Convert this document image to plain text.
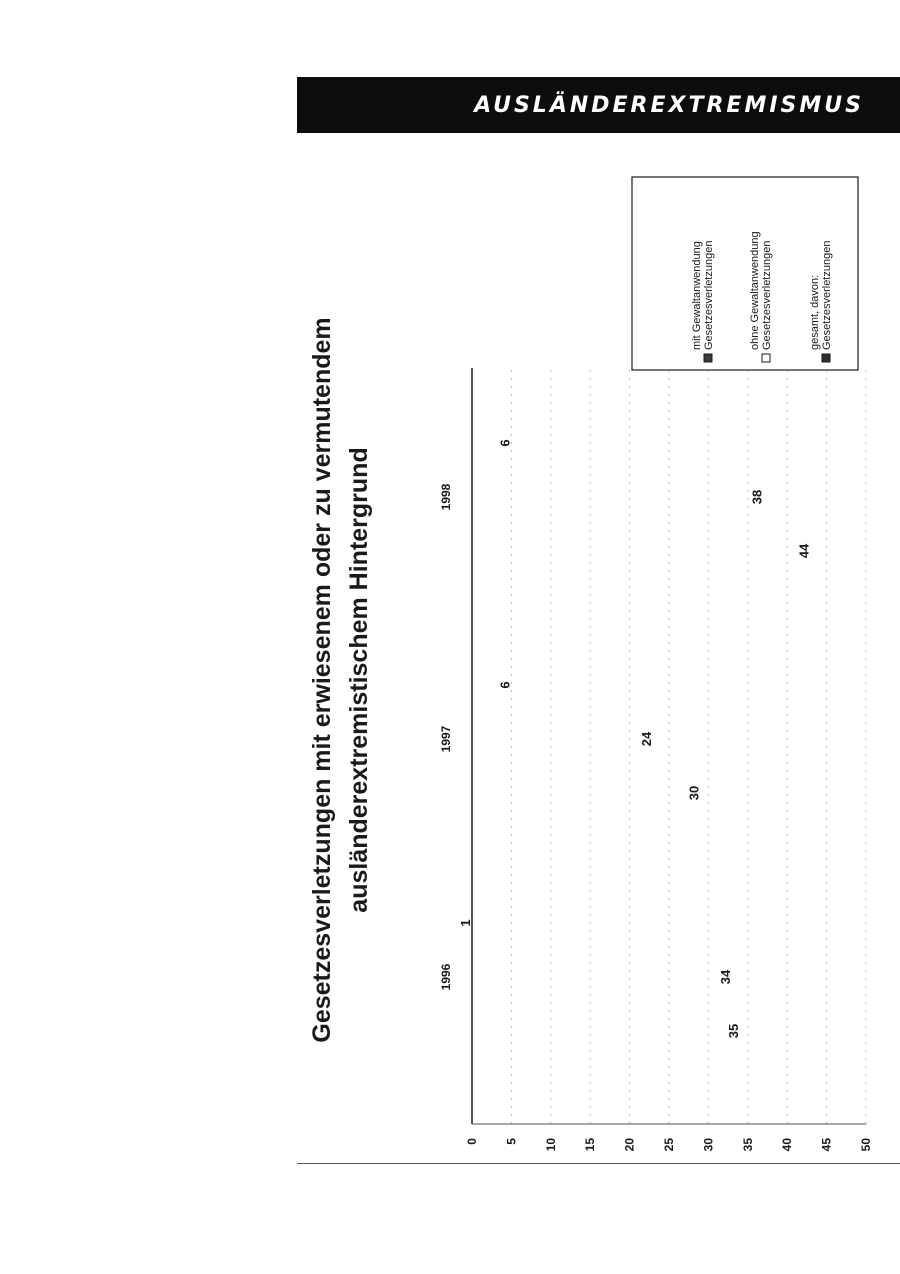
AUSLÄNDEREXTREMISMUS
0 5 10 15 20 25 30 35 40 45 50
35
34
1
1996
30
24
6
1997
44
38
6
1998
Gesetzesverletzungen
gesamt, davon:
Gesetzesverletzungen
ohne Gewaltanwendung
Gesetzesverletzungen
mit Gewaltanwendung
Gesetzesverletzungen mit erwiesenem oder zu vermutendem ausländerextremistischem Hintergrund
